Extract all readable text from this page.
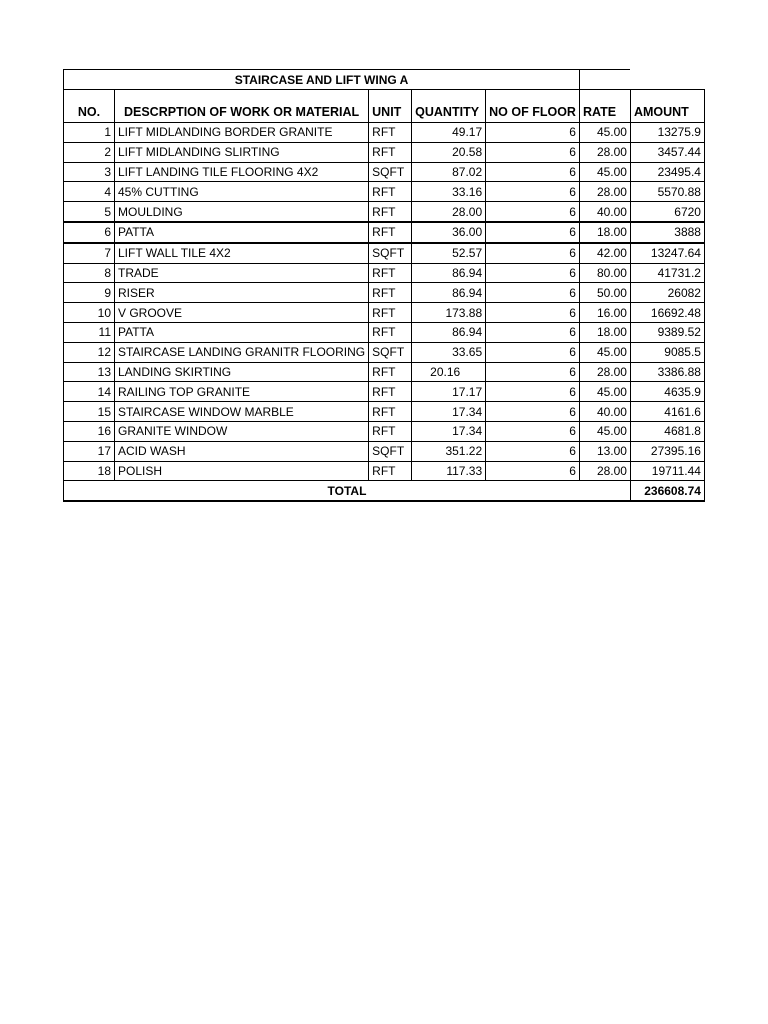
STAIRCASE AND LIFT WING A						
NO.	DESCRPTION OF WORK OR MATERIAL	UNIT	QUANTITY	NO OF FLOOR	RATE	AMOUNT
1	LIFT MIDLANDING BORDER GRANITE	RFT	49.17	6	45.00	13275.9
2	LIFT MIDLANDING SLIRTING	RFT	20.58	6	28.00	3457.44
3	LIFT LANDING TILE FLOORING 4X2	SQFT	87.02	6	45.00	23495.4
4	45% CUTTING	RFT	33.16	6	28.00	5570.88
5	MOULDING	RFT	28.00	6	40.00	6720
6	PATTA	RFT	36.00	6	18.00	3888
7	LIFT WALL TILE 4X2	SQFT	52.57	6	42.00	13247.64
8	TRADE	RFT	86.94	6	80.00	41731.2
9	RISER	RFT	86.94	6	50.00	26082
10	V GROOVE	RFT	173.88	6	16.00	16692.48
11	PATTA	RFT	86.94	6	18.00	9389.52
12	STAIRCASE LANDING GRANITR FLOORING	SQFT	33.65	6	45.00	9085.5
13	LANDING SKIRTING	RFT	20.16	6	28.00	3386.88
14	RAILING TOP GRANITE	RFT	17.17	6	45.00	4635.9
15	STAIRCASE WINDOW MARBLE	RFT	17.34	6	40.00	4161.6
16	GRANITE WINDOW	RFT	17.34	6	45.00	4681.8
17	ACID WASH	SQFT	351.22	6	13.00	27395.16
18	POLISH	RFT	117.33	6	28.00	19711.44
TOTAL						236608.74
